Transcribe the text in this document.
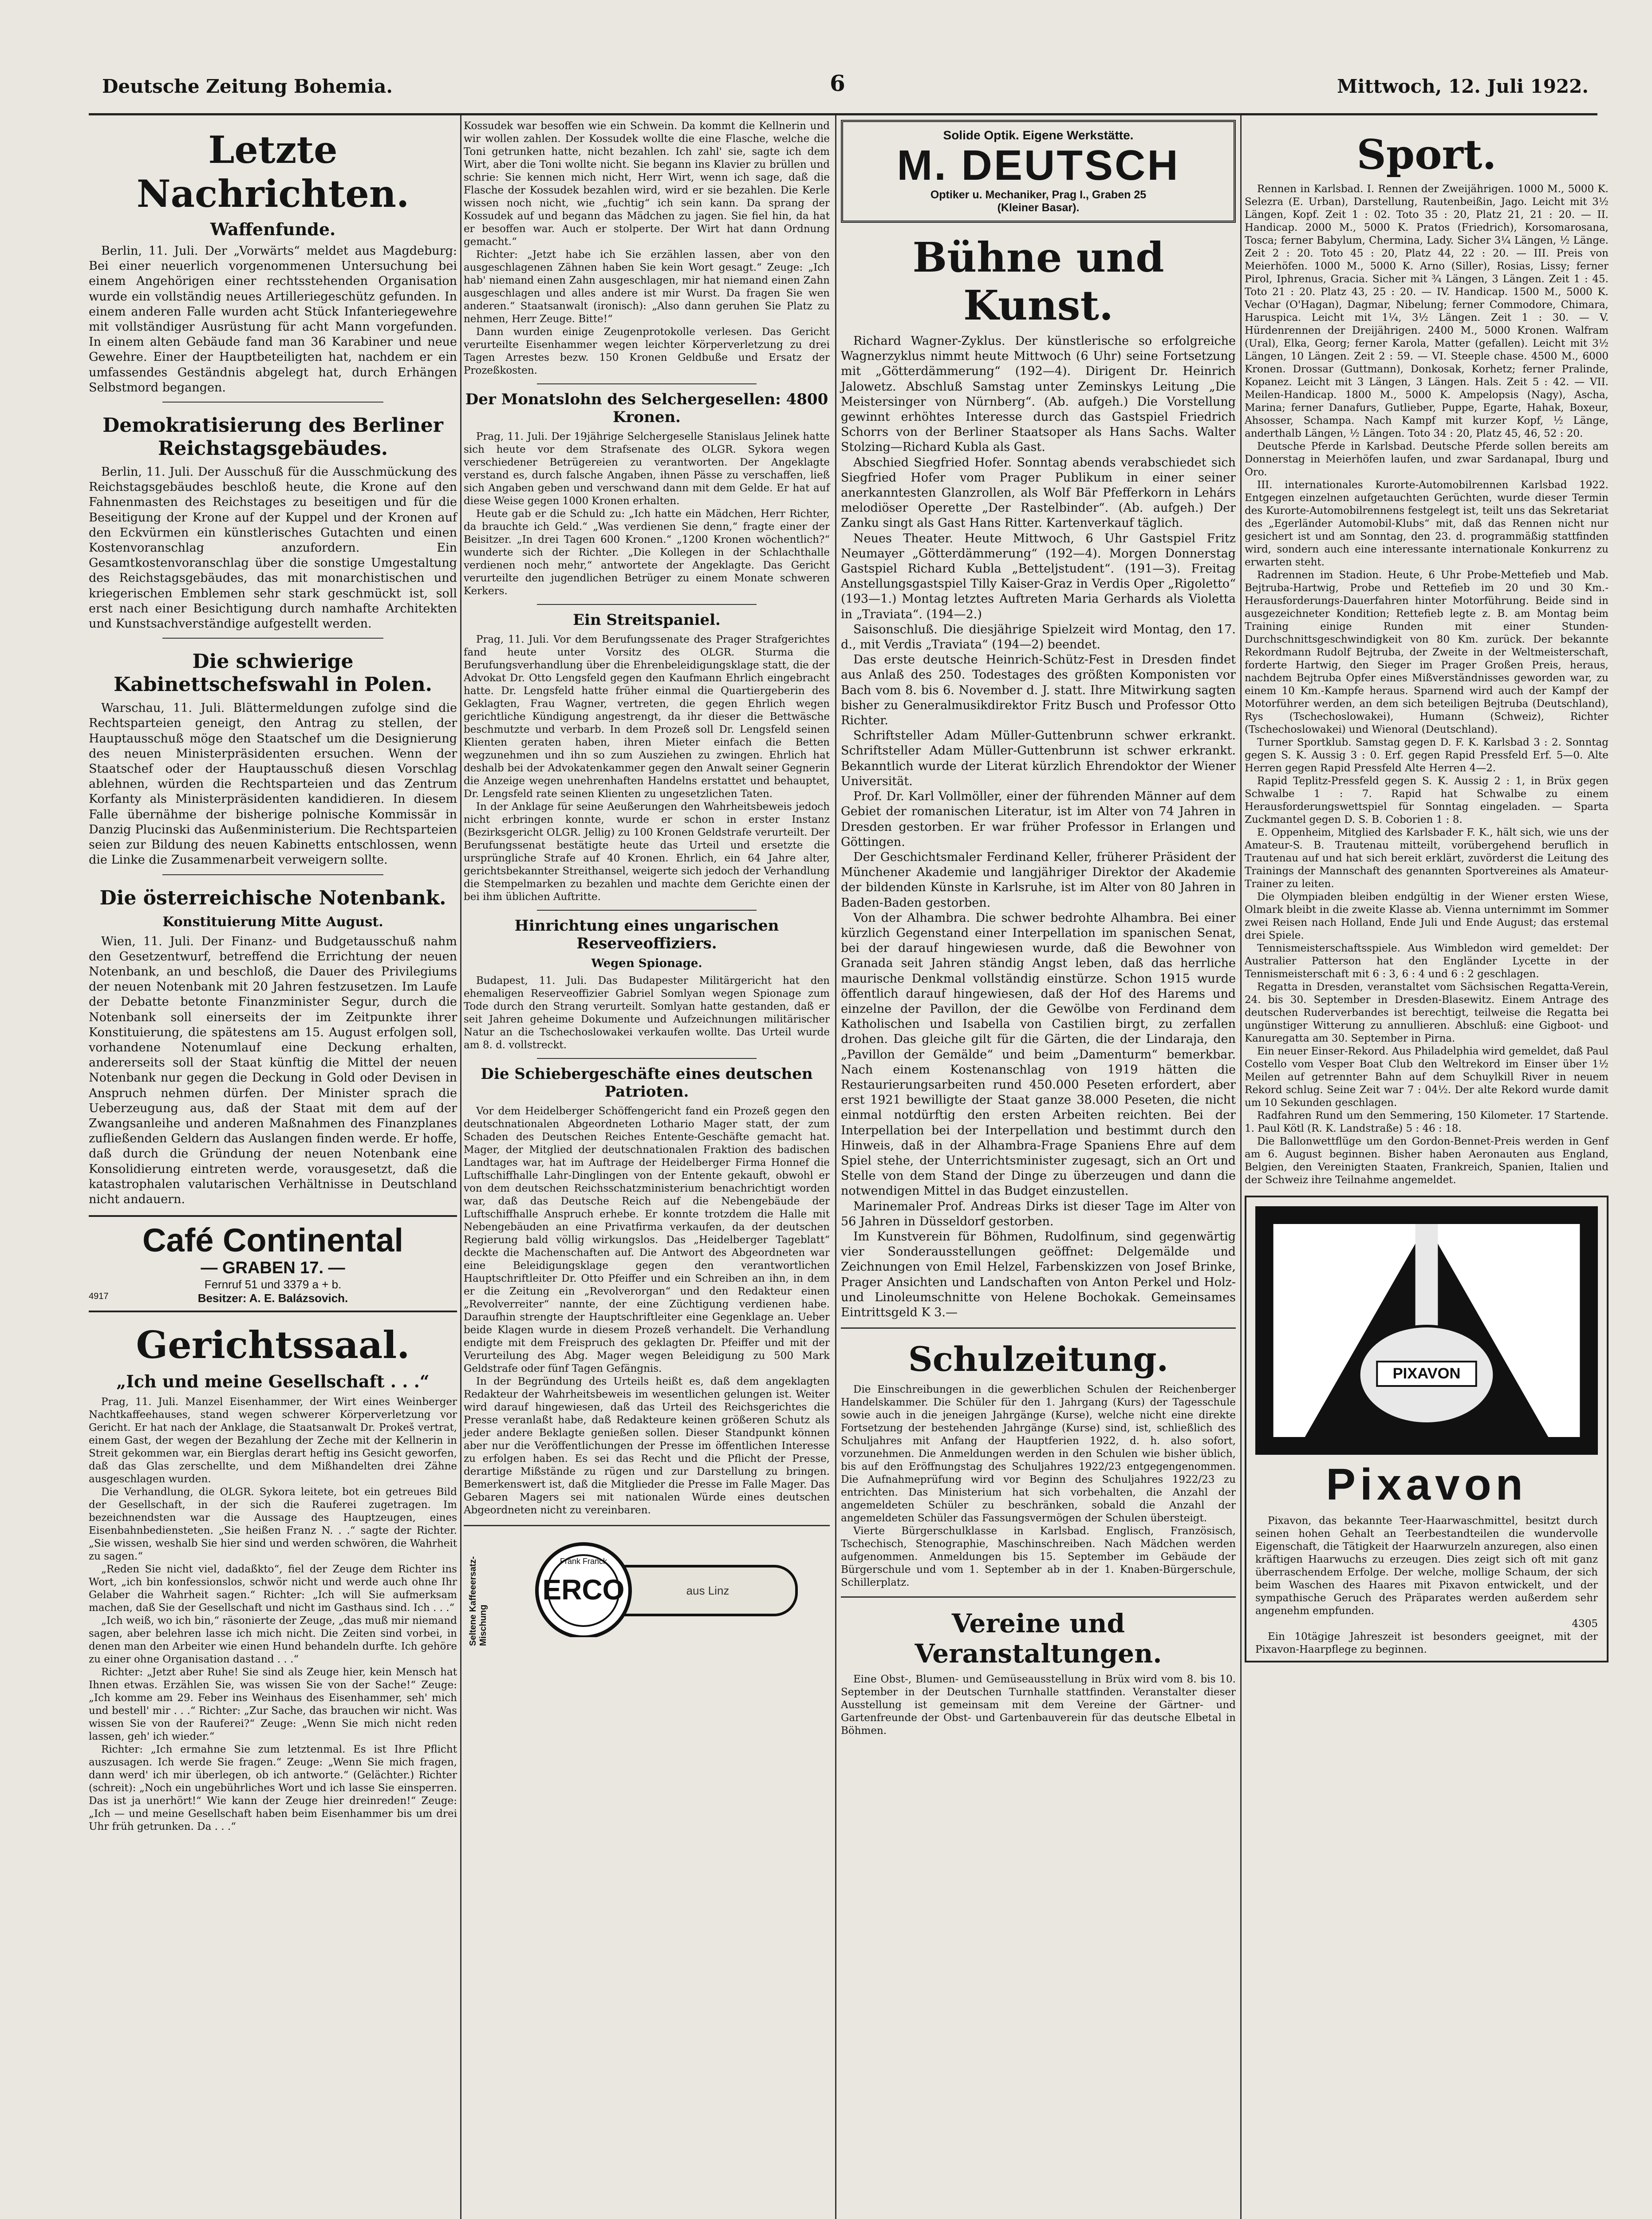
Deutsche Zeitung Bohemia.	6	Mittwoch, 12. Juli 1922.
Letzte Nachrichten.
Waffenfunde.

Berlin, 11. Juli. Der „Vorwärts“ meldet aus Magdeburg: Bei einer neuerlich vorgenommenen Untersuchung bei einem Angehörigen einer rechtsstehenden Organisation wurde ein vollständig neues Artilleriegeschütz gefunden. In einem anderen Falle wurden acht Stück Infanteriegewehre mit vollständiger Ausrüstung für acht Mann vorgefunden. In einem alten Gebäude fand man 36 Karabiner und neue Gewehre. Einer der Hauptbeteiligten hat, nachdem er ein umfassendes Geständnis abgelegt hat, durch Erhängen Selbstmord begangen.

Demokratisierung des Berliner Reichstagsgebäudes.

Berlin, 11. Juli. Der Ausschuß für die Ausschmückung des Reichstagsgebäudes beschloß heute, die Krone auf den Fahnenmasten des Reichstages zu beseitigen und für die Beseitigung der Krone auf der Kuppel und der Kronen auf den Eckvürmen ein künstlerisches Gutachten und einen Kostenvoranschlag anzufordern. Ein Gesamtkostenvoranschlag über die sonstige Umgestaltung des Reichstagsgebäudes, das mit monarchistischen und kriegerischen Emblemen sehr stark geschmückt ist, soll erst nach einer Besichtigung durch namhafte Architekten und Kunstsachverständige aufgestellt werden.

Die schwierige Kabinettschefswahl in Polen.

Warschau, 11. Juli. Blättermeldungen zufolge sind die Rechtsparteien geneigt, den Antrag zu stellen, der Hauptausschuß möge den Staatschef um die Designierung des neuen Ministerpräsidenten ersuchen. Wenn der Staatschef oder der Hauptausschuß diesen Vorschlag ablehnen, würden die Rechtsparteien und das Zentrum Korfanty als Ministerpräsidenten kandidieren. In diesem Falle übernähme der bisherige polnische Kommissär in Danzig Plucinski das Außenministerium. Die Rechtsparteien seien zur Bildung des neuen Kabinetts entschlossen, wenn die Linke die Zusammenarbeit verweigern sollte.

Die österreichische Notenbank.
Konstituierung Mitte August.

Wien, 11. Juli. Der Finanz- und Budgetausschuß nahm den Gesetzentwurf, betreffend die Errichtung der neuen Notenbank, an und beschloß, die Dauer des Privilegiums der neuen Notenbank mit 20 Jahren festzusetzen. Im Laufe der Debatte betonte Finanzminister Segur, durch die Notenbank soll einerseits der im Zeitpunkte ihrer Konstituierung, die spätestens am 15. August erfolgen soll, vorhandene Notenumlauf eine Deckung erhalten, andererseits soll der Staat künftig die Mittel der neuen Notenbank nur gegen die Deckung in Gold oder Devisen in Anspruch nehmen dürfen. Der Minister sprach die Ueberzeugung aus, daß der Staat mit dem auf der Zwangsanleihe und anderen Maßnahmen des Finanzplanes zufließenden Geldern das Auslangen finden werde. Er hoffe, daß durch die Gründung der neuen Notenbank eine Konsolidierung eintreten werde, vorausgesetzt, daß die katastrophalen valutarischen Verhältnisse in Deutschland nicht andauern.

Café Continental
— GRABEN 17. —
Fernruf 51 und 3379 a + b.
4917	Besitzer: A. E. Balázsovich.
Gerichtssaal.
„Ich und meine Gesellschaft . . .“

Prag, 11. Juli. Manzel Eisenhammer, der Wirt eines Weinberger Nachtkaffeehauses, stand wegen schwerer Körperverletzung vor Gericht. Er hat nach der Anklage, die Staatsanwalt Dr. Prokeš vertrat, einem Gast, der wegen der Bezahlung der Zeche mit der Kellnerin in Streit gekommen war, ein Bierglas derart heftig ins Gesicht geworfen, daß das Glas zerschellte, und dem Mißhandelten drei Zähne ausgeschlagen wurden.

Die Verhandlung, die OLGR. Sykora leitete, bot ein getreues Bild der Gesellschaft, in der sich die Rauferei zugetragen. Im bezeichnendsten war die Aussage des Hauptzeugen, eines Eisenbahnbediensteten. „Sie heißen Franz N. . .“ sagte der Richter. „Sie wissen, weshalb Sie hier sind und werden schwören, die Wahrheit zu sagen.“

„Reden Sie nicht viel, dadaßkto“, fiel der Zeuge dem Richter ins Wort, „ich bin konfessionslos, schwör nicht und werde auch ohne Ihr Gelaber die Wahrheit sagen.“ Richter: „Ich will Sie aufmerksam machen, daß Sie der Gesellschaft und nicht im Gasthaus sind. Ich . . .“

„Ich weiß, wo ich bin,“ räsonierte der Zeuge, „das muß mir niemand sagen, aber belehren lasse ich mich nicht. Die Zeiten sind vorbei, in denen man den Arbeiter wie einen Hund behandeln durfte. Ich gehöre zu einer ohne Organisation dastand . . .“

Richter: „Jetzt aber Ruhe! Sie sind als Zeuge hier, kein Mensch hat Ihnen etwas. Erzählen Sie, was wissen Sie von der Sache!“ Zeuge: „Ich komme am 29. Feber ins Weinhaus des Eisenhammer, seh' mich und bestell' mir . . .“ Richter: „Zur Sache, das brauchen wir nicht. Was wissen Sie von der Rauferei?“ Zeuge: „Wenn Sie mich nicht reden lassen, geh' ich wieder.“

Richter: „Ich ermahne Sie zum letztenmal. Es ist Ihre Pflicht auszusagen. Ich werde Sie fragen.“ Zeuge: „Wenn Sie mich fragen, dann werd' ich mir überlegen, ob ich antworte.“ (Gelächter.) Richter (schreit): „Noch ein ungebührliches Wort und ich lasse Sie einsperren. Das ist ja unerhört!“ Wie kann der Zeuge hier dreinreden!“ Zeuge: „Ich — und meine Gesellschaft haben beim Eisenhammer bis um drei Uhr früh getrunken. Da . . .“

Kossudek war besoffen wie ein Schwein. Da kommt die Kellnerin und wir wollen zahlen. Der Kossudek wollte die eine Flasche, welche die Toni getrunken hatte, nicht bezahlen. Ich zahl' sie, sagte ich dem Wirt, aber die Toni wollte nicht. Sie begann ins Klavier zu brüllen und schrie: Sie kennen mich nicht, Herr Wirt, wenn ich sage, daß die Flasche der Kossudek bezahlen wird, wird er sie bezahlen. Die Kerle wissen noch nicht, wie „fuchtig“ ich sein kann. Da sprang der Kossudek auf und begann das Mädchen zu jagen. Sie fiel hin, da hat er besoffen war. Auch er stolperte. Der Wirt hat dann Ordnung gemacht.“

Richter: „Jetzt habe ich Sie erzählen lassen, aber von den ausgeschlagenen Zähnen haben Sie kein Wort gesagt.“ Zeuge: „Ich hab' niemand einen Zahn ausgeschlagen, mir hat niemand einen Zahn ausgeschlagen und alles andere ist mir Wurst. Da fragen Sie wen anderen.“ Staatsanwalt (ironisch): „Also dann geruhen Sie Platz zu nehmen, Herr Zeuge. Bitte!“

Dann wurden einige Zeugenprotokolle verlesen. Das Gericht verurteilte Eisenhammer wegen leichter Körperverletzung zu drei Tagen Arrestes bezw. 150 Kronen Geldbuße und Ersatz der Prozeßkosten.

Der Monatslohn des Selchergesellen: 4800 Kronen.

Prag, 11. Juli. Der 19jährige Selchergeselle Stanislaus Jelinek hatte sich heute vor dem Strafsenate des OLGR. Sykora wegen verschiedener Betrügereien zu verantworten. Der Angeklagte verstand es, durch falsche Angaben, ihnen Pässe zu verschaffen, ließ sich Angaben geben und verschwand dann mit dem Gelde. Er hat auf diese Weise gegen 1000 Kronen erhalten.

Heute gab er die Schuld zu: „Ich hatte ein Mädchen, Herr Richter, da brauchte ich Geld.“ „Was verdienen Sie denn,“ fragte einer der Beisitzer. „In drei Tagen 600 Kronen.“ „1200 Kronen wöchentlich?“ wunderte sich der Richter. „Die Kollegen in der Schlachthalle verdienen noch mehr,“ antwortete der Angeklagte. Das Gericht verurteilte den jugendlichen Betrüger zu einem Monate schweren Kerkers.

Ein Streitspaniel.

Prag, 11. Juli. Vor dem Berufungssenate des Prager Strafgerichtes fand heute unter Vorsitz des OLGR. Sturma die Berufungsverhandlung über die Ehrenbeleidigungsklage statt, die der Advokat Dr. Otto Lengsfeld gegen den Kaufmann Ehrlich eingebracht hatte. Dr. Lengsfeld hatte früher einmal die Quartiergeberin des Geklagten, Frau Wagner, vertreten, die gegen Ehrlich wegen gerichtliche Kündigung angestrengt, da ihr dieser die Bettwäsche beschmutzte und verbarb. In dem Prozeß soll Dr. Lengsfeld seinen Klienten geraten haben, ihren Mieter einfach die Betten wegzunehmen und ihn so zum Ausziehen zu zwingen. Ehrlich hat deshalb bei der Advokatenkammer gegen den Anwalt seiner Gegnerin die Anzeige wegen unehrenhaften Handelns erstattet und behauptet, Dr. Lengsfeld rate seinen Klienten zu ungesetzlichen Taten.

In der Anklage für seine Aeußerungen den Wahrheitsbeweis jedoch nicht erbringen konnte, wurde er schon in erster Instanz (Bezirksgericht OLGR. Jellig) zu 100 Kronen Geldstrafe verurteilt. Der Berufungssenat bestätigte heute das Urteil und ersetzte die ursprüngliche Strafe auf 40 Kronen. Ehrlich, ein 64 Jahre alter, gerichtsbekannter Streithansel, weigerte sich jedoch der Verhandlung die Stempelmarken zu bezahlen und machte dem Gerichte einen der bei ihm üblichen Auftritte.

Hinrichtung eines ungarischen Reserveoffiziers.
Wegen Spionage.

Budapest, 11. Juli. Das Budapester Militärgericht hat den ehemaligen Reserveoffizier Gabriel Somlyan wegen Spionage zum Tode durch den Strang verurteilt. Somlyan hatte gestanden, daß er seit Jahren geheime Dokumente und Aufzeichnungen militärischer Natur an die Tschechoslowakei verkaufen wollte. Das Urteil wurde am 8. d. vollstreckt.

Die Schiebergeschäfte eines deutschen Patrioten.

Vor dem Heidelberger Schöffengericht fand ein Prozeß gegen den deutschnationalen Abgeordneten Lothario Mager statt, der zum Schaden des Deutschen Reiches Entente-Geschäfte gemacht hat. Mager, der Mitglied der deutschnationalen Fraktion des badischen Landtages war, hat im Auftrage der Heidelberger Firma Honnef die Luftschiffhalle Lahr-Dinglingen von der Entente gekauft, obwohl er von dem deutschen Reichsschatzministerium benachrichtigt worden war, daß das Deutsche Reich auf die Nebengebäude der Luftschiffhalle Anspruch erhebe. Er konnte trotzdem die Halle mit Nebengebäuden an eine Privatfirma verkaufen, da der deutschen Regierung bald völlig wirkungslos. Das „Heidelberger Tageblatt“ deckte die Machenschaften auf. Die Antwort des Abgeordneten war eine Beleidigungsklage gegen den verantwortlichen Hauptschriftleiter Dr. Otto Pfeiffer und ein Schreiben an ihn, in dem er die Zeitung ein „Revolverorgan“ und den Redakteur einen „Revolverreiter“ nannte, der eine Züchtigung verdienen habe. Daraufhin strengte der Hauptschriftleiter eine Gegenklage an. Ueber beide Klagen wurde in diesem Prozeß verhandelt. Die Verhandlung endigte mit dem Freispruch des geklagten Dr. Pfeiffer und mit der Verurteilung des Abg. Mager wegen Beleidigung zu 500 Mark Geldstrafe oder fünf Tagen Gefängnis.

In der Begründung des Urteils heißt es, daß dem angeklagten Redakteur der Wahrheitsbeweis im wesentlichen gelungen ist. Weiter wird darauf hingewiesen, daß das Urteil des Reichsgerichtes die Presse veranlaßt habe, daß Redakteure keinen größeren Schutz als jeder andere Beklagte genießen sollen. Dieser Standpunkt können aber nur die Veröffentlichungen der Presse im öffentlichen Interesse zu erfolgen haben. Es sei das Recht und die Pflicht der Presse, derartige Mißstände zu rügen und zur Darstellung zu bringen. Bemerkenswert ist, daß die Mitglieder die Presse im Falle Mager. Das Gebaren Magers sei mit nationalen Würde eines deutschen Abgeordneten nicht zu vereinbaren.

Seltene Kaffeeersatz-Mischung
ERCO
Frank Franck
aus Linz
Solide Optik. Eigene Werkstätte.
M. DEUTSCH
Optiker u. Mechaniker, Prag I., Graben 25
(Kleiner Basar).
Bühne und Kunst.

Richard Wagner-Zyklus. Der künstlerische so erfolgreiche Wagnerzyklus nimmt heute Mittwoch (6 Uhr) seine Fortsetzung mit „Götterdämmerung“ (192—4). Dirigent Dr. Heinrich Jalowetz. Abschluß Samstag unter Zeminskys Leitung „Die Meistersinger von Nürnberg“. (Ab. aufgeh.) Die Vorstellung gewinnt erhöhtes Interesse durch das Gastspiel Friedrich Schorrs von der Berliner Staatsoper als Hans Sachs. Walter Stolzing—Richard Kubla als Gast.

Abschied Siegfried Hofer. Sonntag abends verabschiedet sich Siegfried Hofer vom Prager Publikum in einer seiner anerkanntesten Glanzrollen, als Wolf Bär Pfefferkorn in Lehárs melodiöser Operette „Der Rastelbinder“. (Ab. aufgeh.) Der Zanku singt als Gast Hans Ritter. Kartenverkauf täglich.

Neues Theater. Heute Mittwoch, 6 Uhr Gastspiel Fritz Neumayer „Götterdämmerung“ (192—4). Morgen Donnerstag Gastspiel Richard Kubla „Betteljstudent“. (191—3). Freitag Anstellungsgastspiel Tilly Kaiser-Graz in Verdis Oper „Rigoletto“ (193—1.) Montag letztes Auftreten Maria Gerhards als Violetta in „Traviata“. (194—2.)

Saisonschluß. Die diesjährige Spielzeit wird Montag, den 17. d., mit Verdis „Traviata“ (194—2) beendet.

Das erste deutsche Heinrich-Schütz-Fest in Dresden findet aus Anlaß des 250. Todestages des größten Komponisten vor Bach vom 8. bis 6. November d. J. statt. Ihre Mitwirkung sagten bisher zu Generalmusikdirektor Fritz Busch und Professor Otto Richter.

Schriftsteller Adam Müller-Guttenbrunn schwer erkrankt. Schriftsteller Adam Müller-Guttenbrunn ist schwer erkrankt. Bekanntlich wurde der Literat kürzlich Ehrendoktor der Wiener Universität.

Prof. Dr. Karl Vollmöller, einer der führenden Männer auf dem Gebiet der romanischen Literatur, ist im Alter von 74 Jahren in Dresden gestorben. Er war früher Professor in Erlangen und Göttingen.

Der Geschichtsmaler Ferdinand Keller, früherer Präsident der Münchener Akademie und langjähriger Direktor der Akademie der bildenden Künste in Karlsruhe, ist im Alter von 80 Jahren in Baden-Baden gestorben.

Von der Alhambra. Die schwer bedrohte Alhambra. Bei einer kürzlich Gegenstand einer Interpellation im spanischen Senat, bei der darauf hingewiesen wurde, daß die Bewohner von Granada seit Jahren ständig Angst leben, daß das herrliche maurische Denkmal vollständig einstürze. Schon 1915 wurde öffentlich darauf hingewiesen, daß der Hof des Harems und einzelne der Pavillon, der die Gewölbe von Ferdinand dem Katholischen und Isabella von Castilien birgt, zu zerfallen drohen. Das gleiche gilt für die Gärten, die der Lindaraja, den „Pavillon der Gemälde“ und beim „Damenturm“ bemerkbar. Nach einem Kostenanschlag von 1919 hätten die Restaurierungsarbeiten rund 450.000 Peseten erfordert, aber erst 1921 bewilligte der Staat ganze 38.000 Peseten, die nicht einmal notdürftig den ersten Arbeiten reichten. Bei der Interpellation bei der Interpellation und bestimmt durch den Hinweis, daß in der Alhambra-Frage Spaniens Ehre auf dem Spiel stehe, der Unterrichtsminister zugesagt, sich an Ort und Stelle von dem Stand der Dinge zu überzeugen und dann die notwendigen Mittel in das Budget einzustellen.

Marinemaler Prof. Andreas Dirks ist dieser Tage im Alter von 56 Jahren in Düsseldorf gestorben.

Im Kunstverein für Böhmen, Rudolfinum, sind gegenwärtig vier Sonderausstellungen geöffnet: Delgemälde und Zeichnungen von Emil Helzel, Farbenskizzen von Josef Brinke, Prager Ansichten und Landschaften von Anton Perkel und Holz- und Linoleumschnitte von Helene Bochokak. Gemeinsames Eintrittsgeld K 3.—

Schulzeitung.

Die Einschreibungen in die gewerblichen Schulen der Reichenberger Handelskammer. Die Schüler für den 1. Jahrgang (Kurs) der Tagesschule sowie auch in die jeneigen Jahrgänge (Kurse), welche nicht eine direkte Fortsetzung der bestehenden Jahrgänge (Kurse) sind, ist, schließlich des Schuljahres mit Anfang der Hauptferien 1922, d. h. also sofort, vorzunehmen. Die Anmeldungen werden in den Schulen wie bisher üblich, bis auf den Eröffnungstag des Schuljahres 1922/23 entgegengenommen. Die Aufnahmeprüfung wird vor Beginn des Schuljahres 1922/23 zu entrichten. Das Ministerium hat sich vorbehalten, die Anzahl der angemeldeten Schüler zu beschränken, sobald die Anzahl der angemeldeten Schüler das Fassungsvermögen der Schulen übersteigt.

Vierte Bürgerschulklasse in Karlsbad. Englisch, Französisch, Tschechisch, Stenographie, Maschinschreiben. Nach Mädchen werden aufgenommen. Anmeldungen bis 15. September im Gebäude der Bürgerschule und vom 1. September ab in der 1. Knaben-Bürgerschule, Schillerplatz.

Vereine und Veranstaltungen.

Eine Obst-, Blumen- und Gemüseausstellung in Brüx wird vom 8. bis 10. September in der Deutschen Turnhalle stattfinden. Veranstalter dieser Ausstellung ist gemeinsam mit dem Vereine der Gärtner- und Gartenfreunde der Obst- und Gartenbauverein für das deutsche Elbetal in Böhmen.

Sport.

Rennen in Karlsbad. I. Rennen der Zweijährigen. 1000 M., 5000 K. Selezra (E. Urban), Darstellung, Rautenbeißin, Jago. Leicht mit 3½ Längen, Kopf. Zeit 1 : 02. Toto 35 : 20, Platz 21, 21 : 20. — II. Handicap. 2000 M., 5000 K. Pratos (Friedrich), Korsomarosana, Tosca; ferner Babylum, Chermina, Lady. Sicher 3¼ Längen, ½ Länge. Zeit 2 : 20. Toto 45 : 20, Platz 44, 22 : 20. — III. Preis von Meierhöfen. 1000 M., 5000 K. Arno (Siller), Rosias, Lissy; ferner Pirol, Iphrenus, Gracia. Sicher mit ¾ Längen, 3 Längen. Zeit 1 : 45. Toto 21 : 20. Platz 43, 25 : 20. — IV. Handicap. 1500 M., 5000 K. Vechar (O'Hagan), Dagmar, Nibelung; ferner Commodore, Chimara, Haruspica. Leicht mit 1¼, 3½ Längen. Zeit 1 : 30. — V. Hürdenrennen der Dreijährigen. 2400 M., 5000 Kronen. Walfram (Ural), Elka, Georg; ferner Karola, Matter (gefallen). Leicht mit 3½ Längen, 10 Längen. Zeit 2 : 59. — VI. Steeple chase. 4500 M., 6000 Kronen. Drossar (Guttmann), Donkosak, Korhetz; ferner Pralinde, Kopanez. Leicht mit 3 Längen, 3 Längen. Hals. Zeit 5 : 42. — VII. Meilen-Handicap. 1800 M., 5000 K. Ampelopsis (Nagy), Ascha, Marina; ferner Danafurs, Gutlieber, Puppe, Egarte, Hahak, Boxeur, Ahsosser, Schampa. Nach Kampf mit kurzer Kopf, ½ Länge, anderthalb Längen, ½ Längen. Toto 34 : 20, Platz 45, 46, 52 : 20.

Deutsche Pferde in Karlsbad. Deutsche Pferde sollen bereits am Donnerstag in Meierhöfen laufen, und zwar Sardanapal, Iburg und Oro.

III. internationales Kurorte-Automobilrennen Karlsbad 1922. Entgegen einzelnen aufgetauchten Gerüchten, wurde dieser Termin des Kurorte-Automobilrennens festgelegt ist, teilt uns das Sekretariat des „Egerländer Automobil-Klubs“ mit, daß das Rennen nicht nur gesichert ist und am Sonntag, den 23. d. programmäßig stattfinden wird, sondern auch eine interessante internationale Konkurrenz zu erwarten steht.

Radrennen im Stadion. Heute, 6 Uhr Probe-Mettefieb und Mab. Bejtruba-Hartwig, Probe und Rettefieb im 20 und 30 Km.-Herausforderungs-Dauerfahren hinter Motorführung. Beide sind in ausgezeichneter Kondition; Rettefieb legte z. B. am Montag beim Training einige Runden mit einer Stunden-Durchschnittsgeschwindigkeit von 80 Km. zurück. Der bekannte Rekordmann Rudolf Bejtruba, der Zweite in der Weltmeisterschaft, forderte Hartwig, den Sieger im Prager Großen Preis, heraus, nachdem Bejtruba Opfer eines Mißverständnisses geworden war, zu einem 10 Km.-Kampfe heraus. Sparnend wird auch der Kampf der Motorführer werden, an dem sich beteiligen Bejtruba (Deutschland), Rys (Tschechoslowakei), Humann (Schweiz), Richter (Tschechoslowakei) und Wienoral (Deutschland).

Turner Sportklub. Samstag gegen D. F. K. Karlsbad 3 : 2. Sonntag gegen S. K. Aussig 3 : 0. Erf. gegen Rapid Pressfeld Erf. 5—0. Alte Herren gegen Rapid Pressfeld Alte Herren 4—2.

Rapid Teplitz-Pressfeld gegen S. K. Aussig 2 : 1, in Brüx gegen Schwalbe 1 : 7. Rapid hat Schwalbe zu einem Herausforderungswettspiel für Sonntag eingeladen. — Sparta Zuckmantel gegen D. S. B. Coborien 1 : 8.

E. Oppenheim, Mitglied des Karlsbader F. K., hält sich, wie uns der Amateur-S. B. Trautenau mitteilt, vorübergehend beruflich in Trautenau auf und hat sich bereit erklärt, zuvörderst die Leitung des Trainings der Mannschaft des genannten Sportvereines als Amateur-Trainer zu leiten.

Die Olympiaden bleiben endgültig in der Wiener ersten Wiese, Olmark bleibt in die zweite Klasse ab. Vienna unternimmt im Sommer zwei Reisen nach Holland, Ende Juli und Ende August; das erstemal drei Spiele.

Tennismeisterschaftsspiele. Aus Wimbledon wird gemeldet: Der Australier Patterson hat den Engländer Lycette in der Tennismeisterschaft mit 6 : 3, 6 : 4 und 6 : 2 geschlagen.

Regatta in Dresden, veranstaltet vom Sächsischen Regatta-Verein, 24. bis 30. September in Dresden-Blasewitz. Einem Antrage des deutschen Ruderverbandes ist berechtigt, teilweise die Regatta bei ungünstiger Witterung zu annullieren. Abschluß: eine Gigboot- und Kanuregatta am 30. September in Pirna.

Ein neuer Einser-Rekord. Aus Philadelphia wird gemeldet, daß Paul Costello vom Vesper Boat Club den Weltrekord im Einser über 1½ Meilen auf getrennter Bahn auf dem Schuylkill River in neuem Rekord schlug. Seine Zeit war 7 : 04½. Der alte Rekord wurde damit um 10 Sekunden geschlagen.

Radfahren Rund um den Semmering, 150 Kilometer. 17 Startende. 1. Paul Kötl (R. K. Landstraße) 5 : 46 : 18.

Die Ballonwettflüge um den Gordon-Bennet-Preis werden in Genf am 6. August beginnen. Bisher haben Aeronauten aus England, Belgien, den Vereinigten Staaten, Frankreich, Spanien, Italien und der Schweiz ihre Teilnahme angemeldet.

PIXAVON
Pixavon

Pixavon, das bekannte Teer-Haarwaschmittel, besitzt durch seinen hohen Gehalt an Teerbestandteilen die wundervolle Eigenschaft, die Tätigkeit der Haarwurzeln anzuregen, also einen kräftigen Haarwuchs zu erzeugen. Dies zeigt sich oft mit ganz überraschendem Erfolge. Der welche, mollige Schaum, der sich beim Waschen des Haares mit Pixavon entwickelt, und der sympathische Geruch des Präparates werden außerdem sehr angenehm empfunden.

4305

Ein 10tägige Jahreszeit ist besonders geeignet, mit der Pixavon-Haarpflege zu beginnen.
